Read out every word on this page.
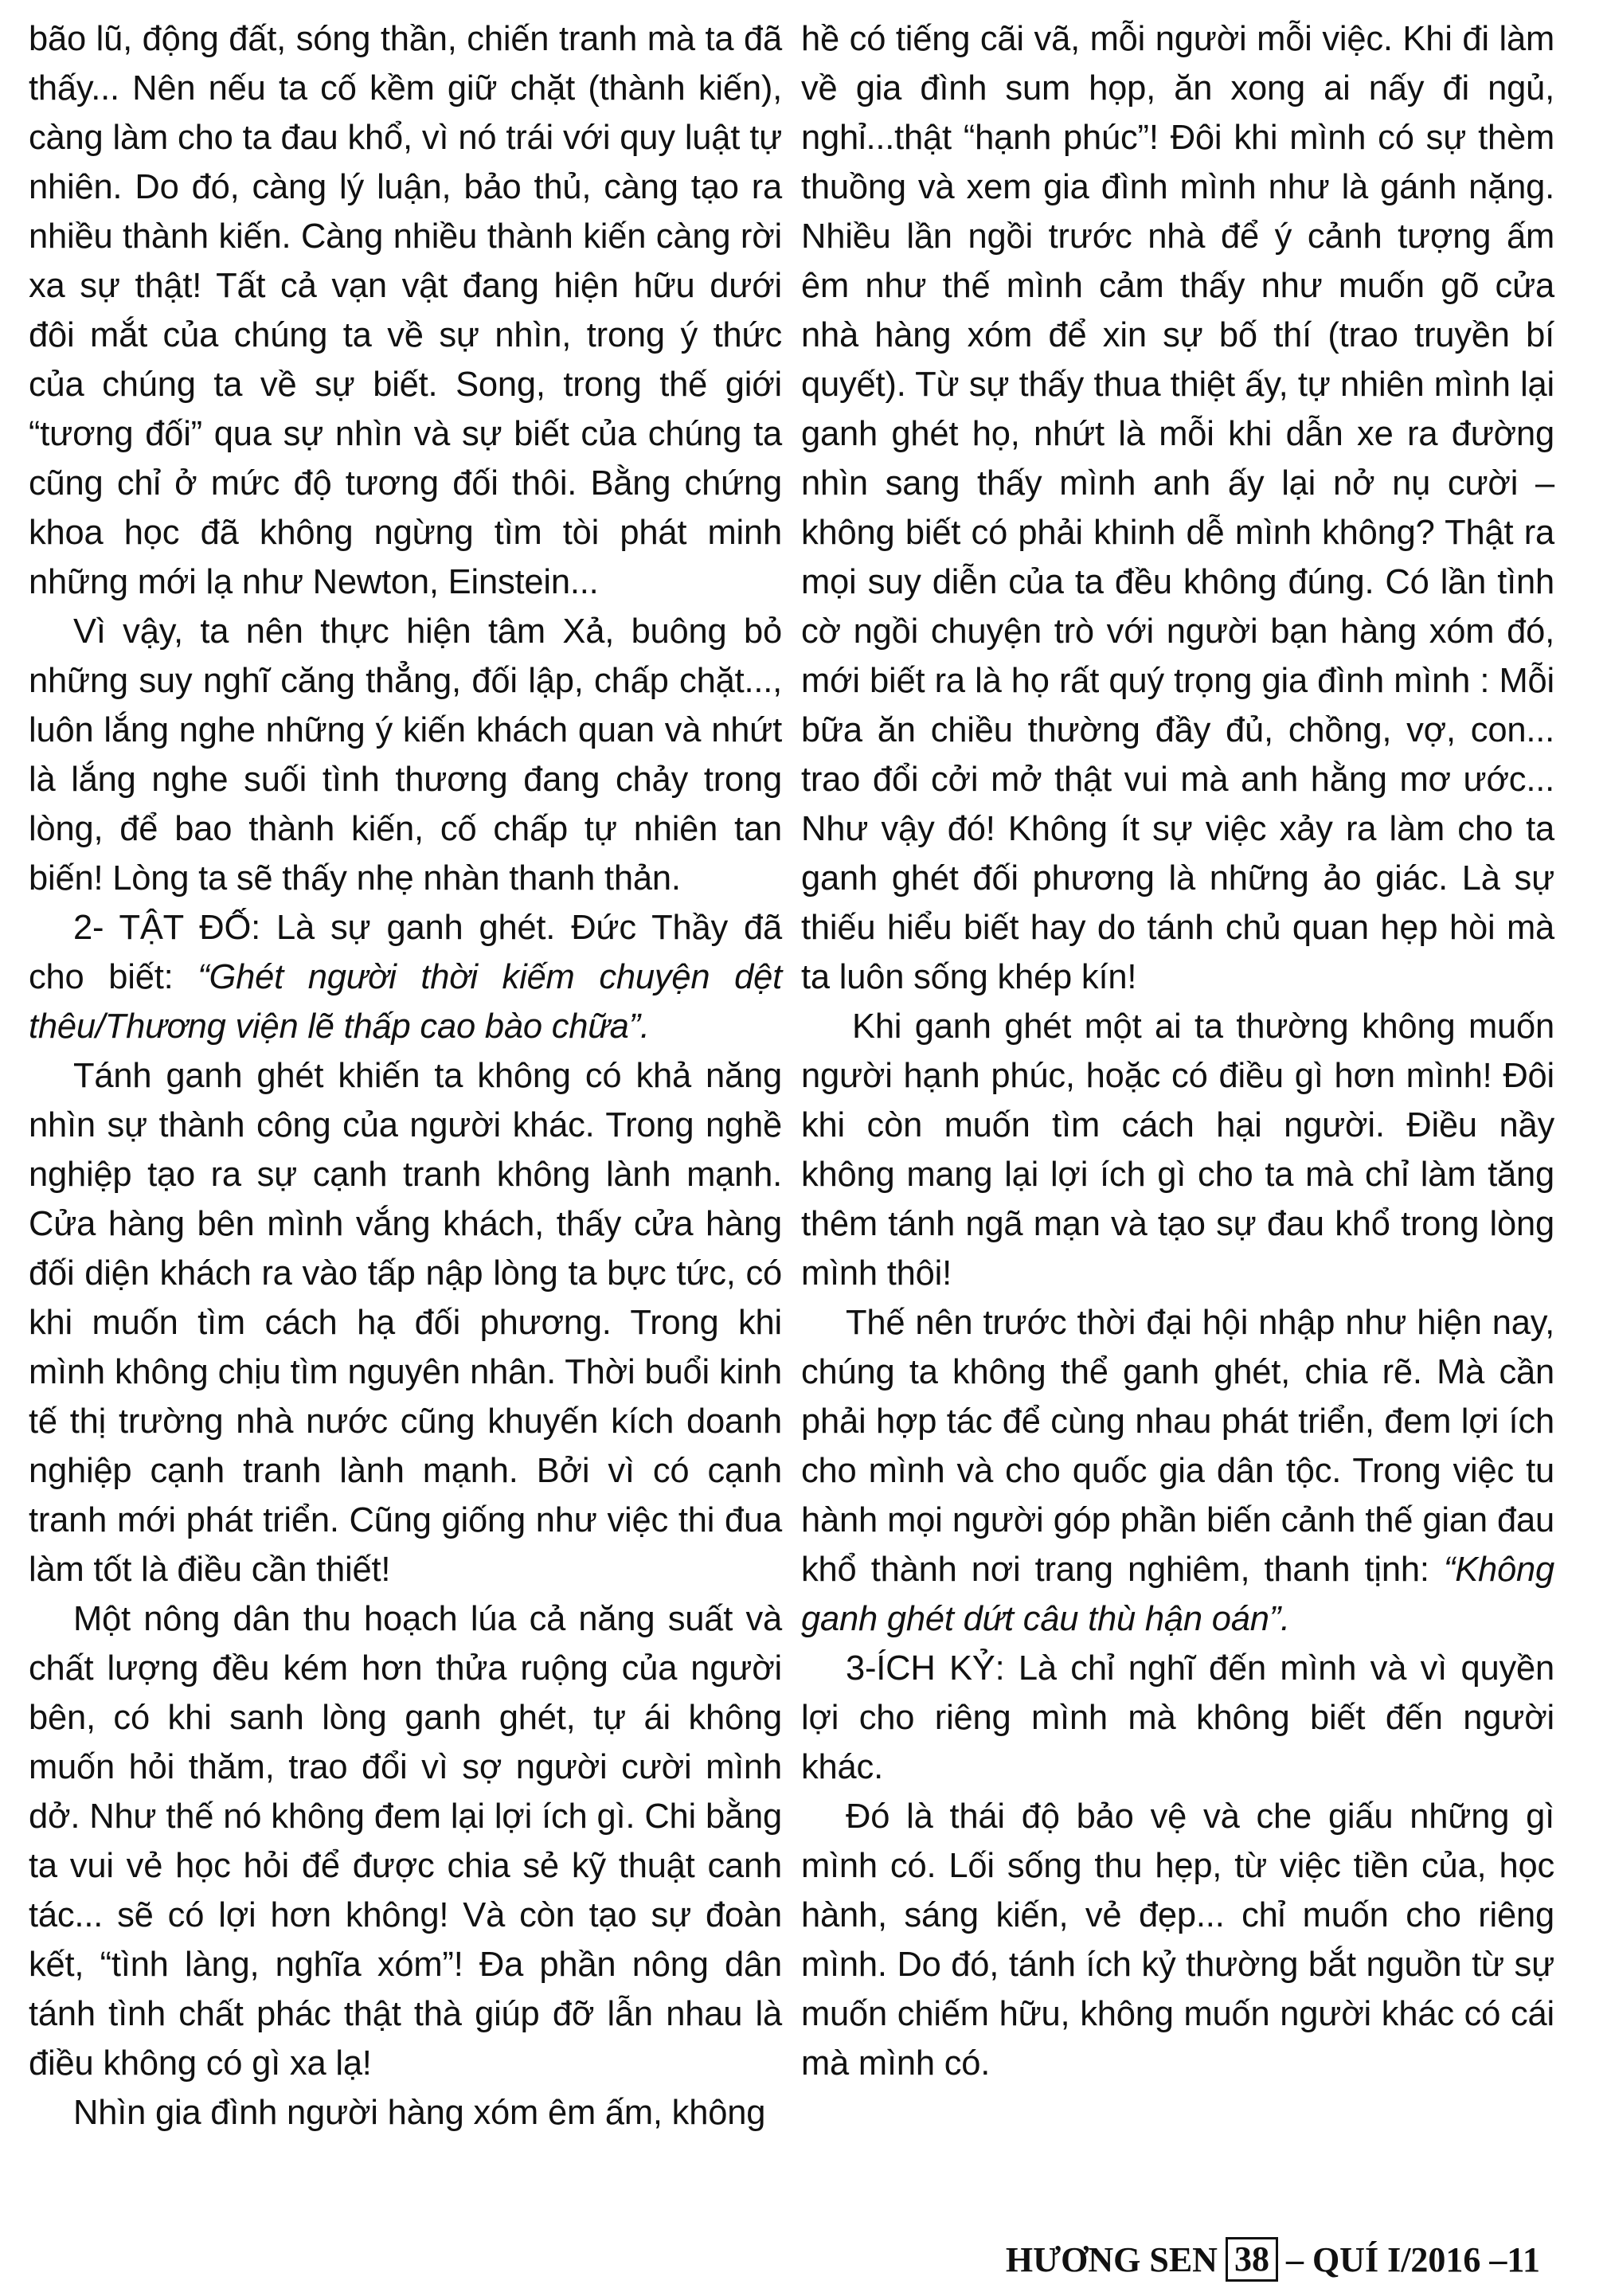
bão lũ, động đất, sóng thần, chiến tranh mà ta đã thấy... Nên nếu ta cố kềm giữ chặt (thành kiến), càng làm cho ta đau khổ, vì nó trái với quy luật tự nhiên. Do đó, càng lý luận, bảo thủ, càng tạo ra nhiều thành kiến. Càng nhiều thành kiến càng rời xa sự thật! Tất cả vạn vật đang hiện hữu dưới đôi mắt của chúng ta về sự nhìn, trong ý thức của chúng ta về sự biết. Song, trong thế giới “tương đối” qua sự nhìn và sự biết của chúng ta cũng chỉ ở mức độ tương đối thôi. Bằng chứng khoa học đã không ngừng tìm tòi phát minh những mới lạ như Newton, Einstein...

Vì vậy, ta nên thực hiện tâm Xả, buông bỏ những suy nghĩ căng thẳng, đối lập, chấp chặt..., luôn lắng nghe những ý kiến khách quan và nhứt là lắng nghe suối tình thương đang chảy trong lòng, để bao thành kiến, cố chấp tự nhiên tan biến! Lòng ta sẽ thấy nhẹ nhàn thanh thản.

2- TẬT ĐỐ: Là sự ganh ghét. Đức Thầy đã cho biết: “Ghét người thời kiếm chuyện dệt thêu/Thương viện lẽ thấp cao bào chữa”.

Tánh ganh ghét khiến ta không có khả năng nhìn sự thành công của người khác. Trong nghề nghiệp tạo ra sự cạnh tranh không lành mạnh. Cửa hàng bên mình vắng khách, thấy cửa hàng đối diện khách ra vào tấp nập lòng ta bực tức, có khi muốn tìm cách hạ đối phương. Trong khi mình không chịu tìm nguyên nhân. Thời buổi kinh tế thị trường nhà nước cũng khuyến kích doanh nghiệp cạnh tranh lành mạnh. Bởi vì có cạnh tranh mới phát triển. Cũng giống như việc thi đua làm tốt là điều cần thiết!

Một nông dân thu hoạch lúa cả năng suất và chất lượng đều kém hơn thửa ruộng của người bên, có khi sanh lòng ganh ghét, tự ái không muốn hỏi thăm, trao đổi vì sợ người cười mình dở. Như thế nó không đem lại lợi ích gì. Chi bằng ta vui vẻ học hỏi để được chia sẻ kỹ thuật canh tác... sẽ có lợi hơn không! Và còn tạo sự đoàn kết, “tình làng, nghĩa xóm”! Đa phần nông dân tánh tình chất phác thật thà giúp đỡ lẫn nhau là điều không có gì xa lạ!

Nhìn gia đình người hàng xóm êm ấm, không

hề có tiếng cãi vã, mỗi người mỗi việc. Khi đi làm về gia đình sum họp, ăn xong ai nấy đi ngủ, nghỉ...thật “hạnh phúc”! Đôi khi mình có sự thèm thuồng và xem gia đình mình như là gánh nặng. Nhiều lần ngồi trước nhà để ý cảnh tượng ấm êm như thế mình cảm thấy như muốn gõ cửa nhà hàng xóm để xin sự bố thí (trao truyền bí quyết). Từ sự thấy thua thiệt ấy, tự nhiên mình lại ganh ghét họ, nhứt là mỗi khi dẫn xe ra đường nhìn sang thấy mình anh ấy lại nở nụ cười – không biết có phải khinh dễ mình không? Thật ra mọi suy diễn của ta đều không đúng. Có lần tình cờ ngồi chuyện trò với người bạn hàng xóm đó, mới biết ra là họ rất quý trọng gia đình mình : Mỗi bữa ăn chiều thường đầy đủ, chồng, vợ, con... trao đổi cởi mở thật vui mà anh hằng mơ ước... Như vậy đó! Không ít sự việc xảy ra làm cho ta ganh ghét đối phương là những ảo giác. Là sự thiếu hiểu biết hay do tánh chủ quan hẹp hòi mà ta luôn sống khép kín!

Khi ganh ghét một ai ta thường không muốn người hạnh phúc, hoặc có điều gì hơn mình! Đôi khi còn muốn tìm cách hại người. Điều nầy không mang lại lợi ích gì cho ta mà chỉ làm tăng thêm tánh ngã mạn và tạo sự đau khổ trong lòng mình thôi!

Thế nên trước thời đại hội nhập như hiện nay, chúng ta không thể ganh ghét, chia rẽ. Mà cần phải hợp tác để cùng nhau phát triển, đem lợi ích cho mình và cho quốc gia dân tộc. Trong việc tu hành mọi người góp phần biến cảnh thế gian đau khổ thành nơi trang nghiêm, thanh tịnh: “Không ganh ghét dứt câu thù hận oán”.

3-ÍCH KỶ: Là chỉ nghĩ đến mình và vì quyền lợi cho riêng mình mà không biết đến người khác.

Đó là thái độ bảo vệ và che giấu những gì mình có. Lối sống thu hẹp, từ việc tiền của, học hành, sáng kiến, vẻ đẹp... chỉ muốn cho riêng mình. Do đó, tánh ích kỷ thường bắt nguồn từ sự muốn chiếm hữu, không muốn người khác có cái mà mình có.

HƯƠNG SEN 38 – QUÍ I/2016 –11
